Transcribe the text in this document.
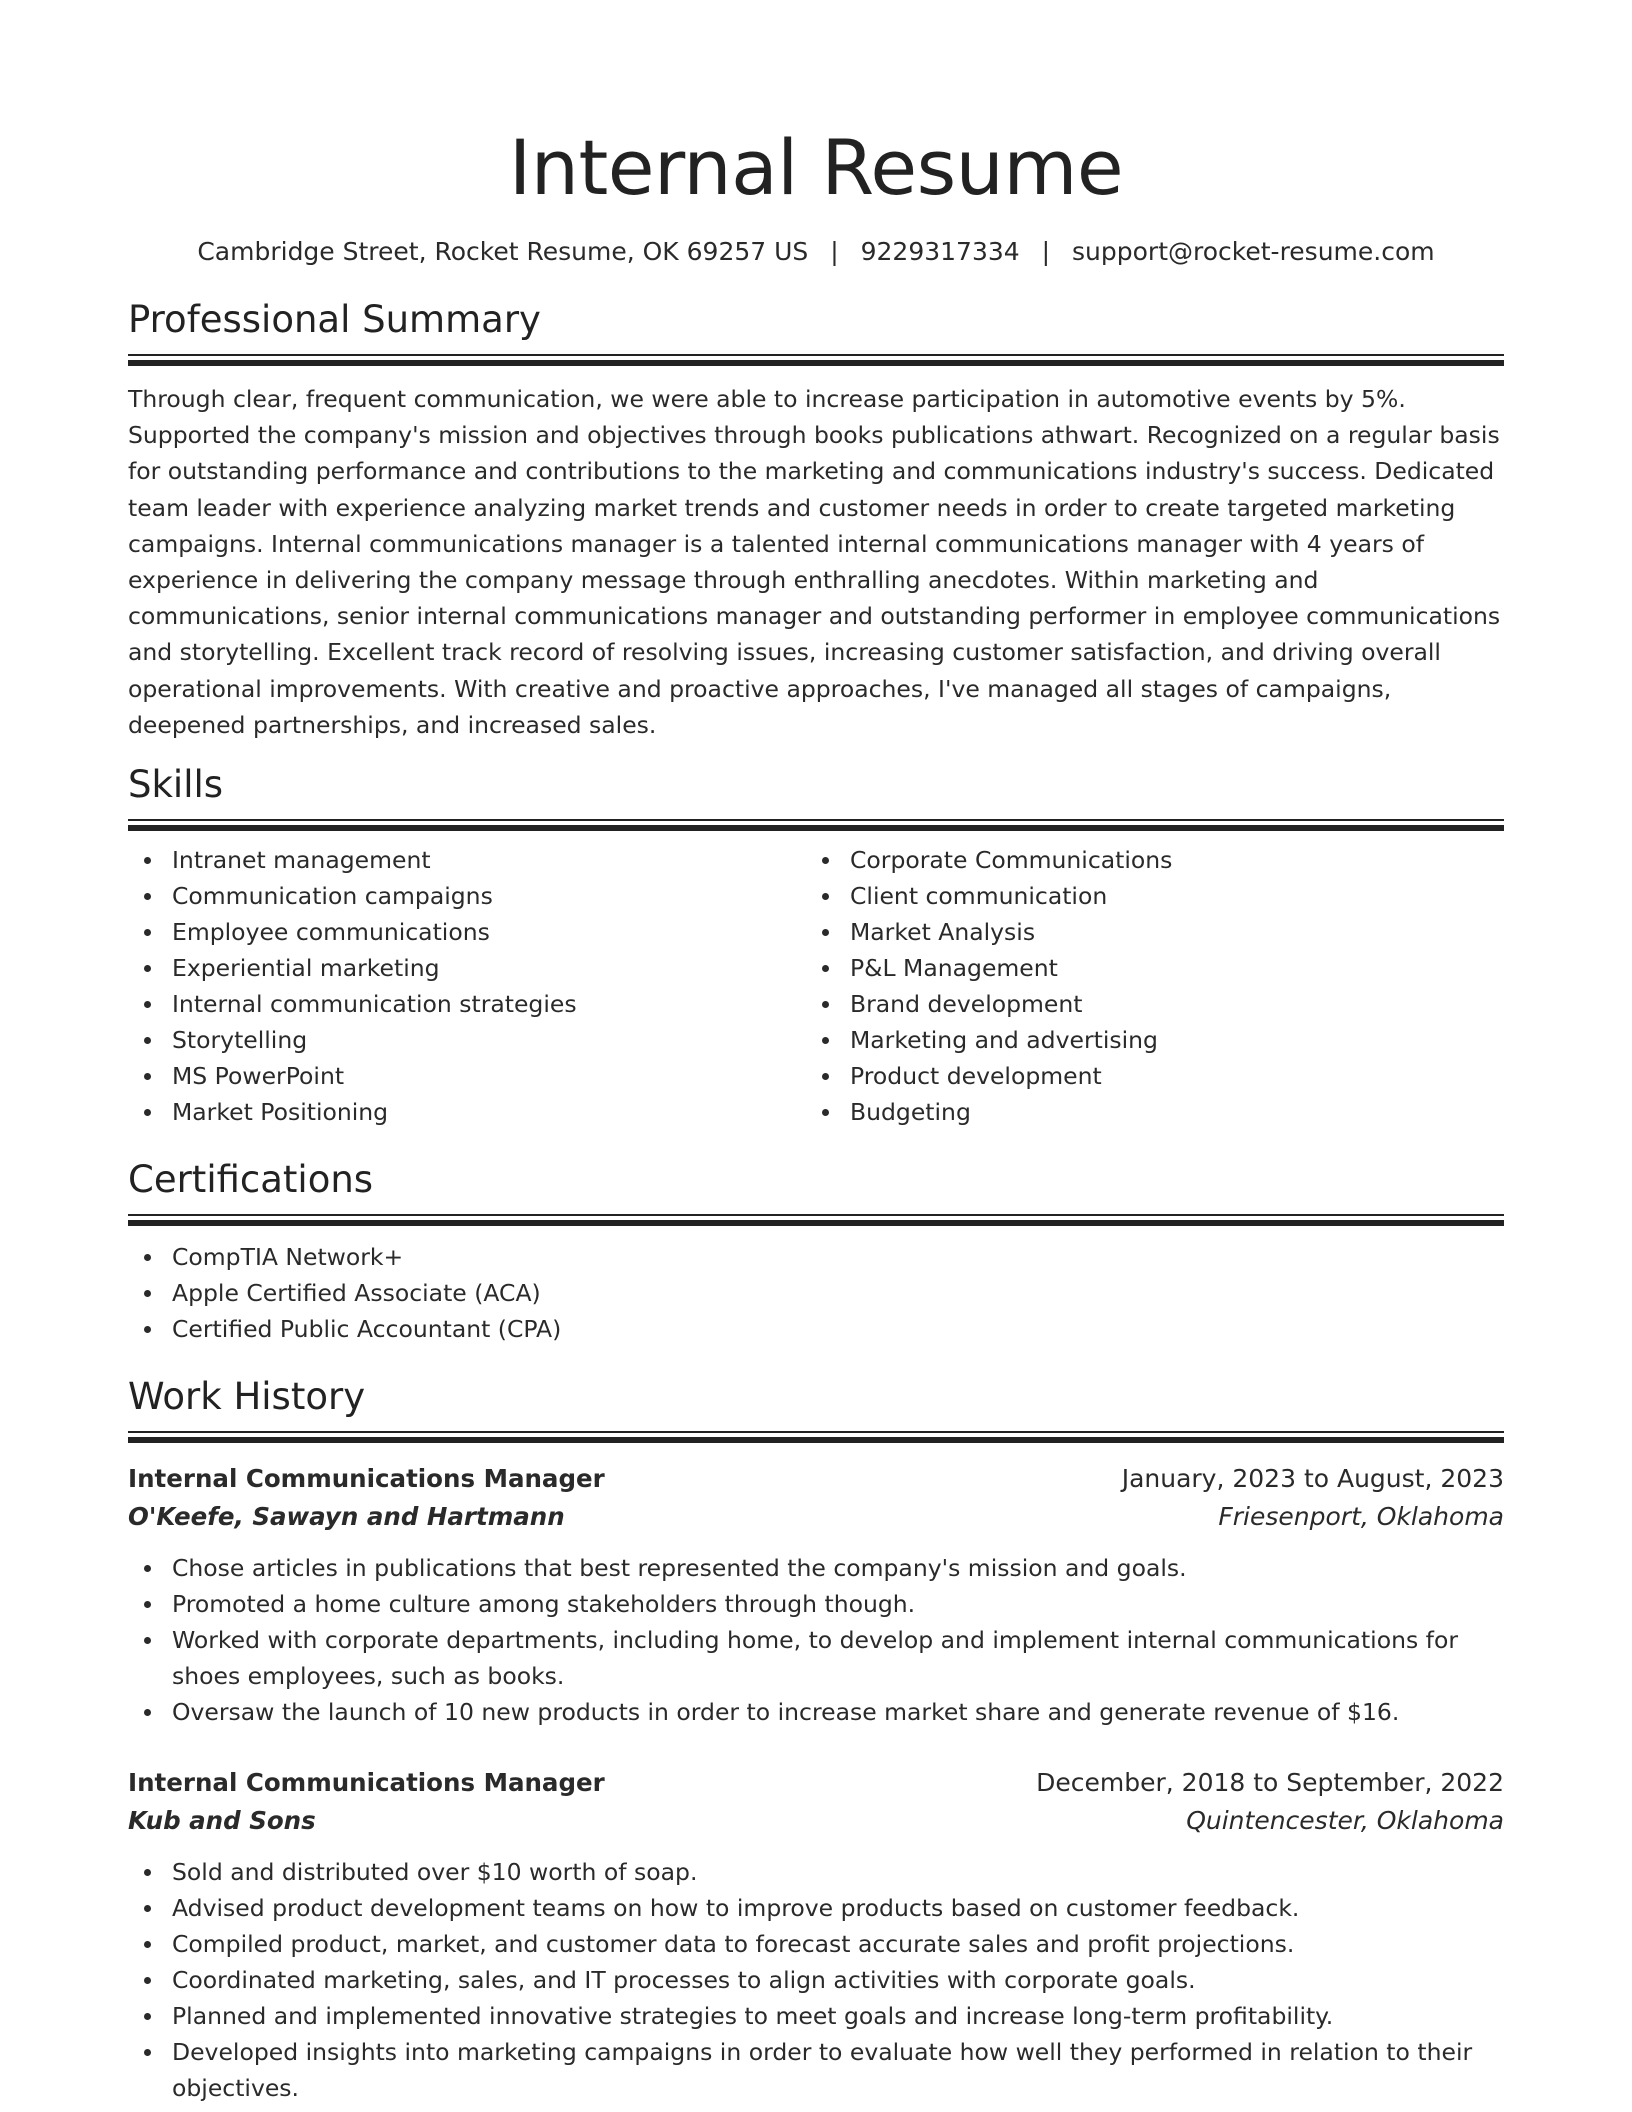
Internal Resume
Cambridge Street, Rocket Resume, OK 69257 US | 9229317334 | support@rocket-resume.com
Professional Summary

Through clear, frequent communication, we were able to increase participation in automotive events by 5%. Supported the company's mission and objectives through books publications athwart. Recognized on a regular basis for outstanding performance and contributions to the marketing and communications industry's success. Dedicated team leader with experience analyzing market trends and customer needs in order to create targeted marketing campaigns. Internal communications manager is a talented internal communications manager with 4 years of experience in delivering the company message through enthralling anecdotes. Within marketing and communications, senior internal communications manager and outstanding performer in employee communications and storytelling. Excellent track record of resolving issues, increasing customer satisfaction, and driving overall operational improvements. With creative and proactive approaches, I've managed all stages of campaigns, deepened partnerships, and increased sales.

Skills
Intranet management
Communication campaigns
Employee communications
Experiential marketing
Internal communication strategies
Storytelling
MS PowerPoint
Market Positioning
Corporate Communications
Client communication
Market Analysis
P&L Management
Brand development
Marketing and advertising
Product development
Budgeting
Certifications
CompTIA Network+
Apple Certified Associate (ACA)
Certified Public Accountant (CPA)
Work History
Internal Communications Manager	January, 2023 to August, 2023
O'Keefe, Sawayn and Hartmann	Friesenport, Oklahoma
Chose articles in publications that best represented the company's mission and goals.
Promoted a home culture among stakeholders through though.
Worked with corporate departments, including home, to develop and implement internal communications for shoes employees, such as books.
Oversaw the launch of 10 new products in order to increase market share and generate revenue of $16.
Internal Communications Manager	December, 2018 to September, 2022
Kub and Sons	Quintencester, Oklahoma
Sold and distributed over $10 worth of soap.
Advised product development teams on how to improve products based on customer feedback.
Compiled product, market, and customer data to forecast accurate sales and profit projections.
Coordinated marketing, sales, and IT processes to align activities with corporate goals.
Planned and implemented innovative strategies to meet goals and increase long-term profitability.
Developed insights into marketing campaigns in order to evaluate how well they performed in relation to their objectives.
